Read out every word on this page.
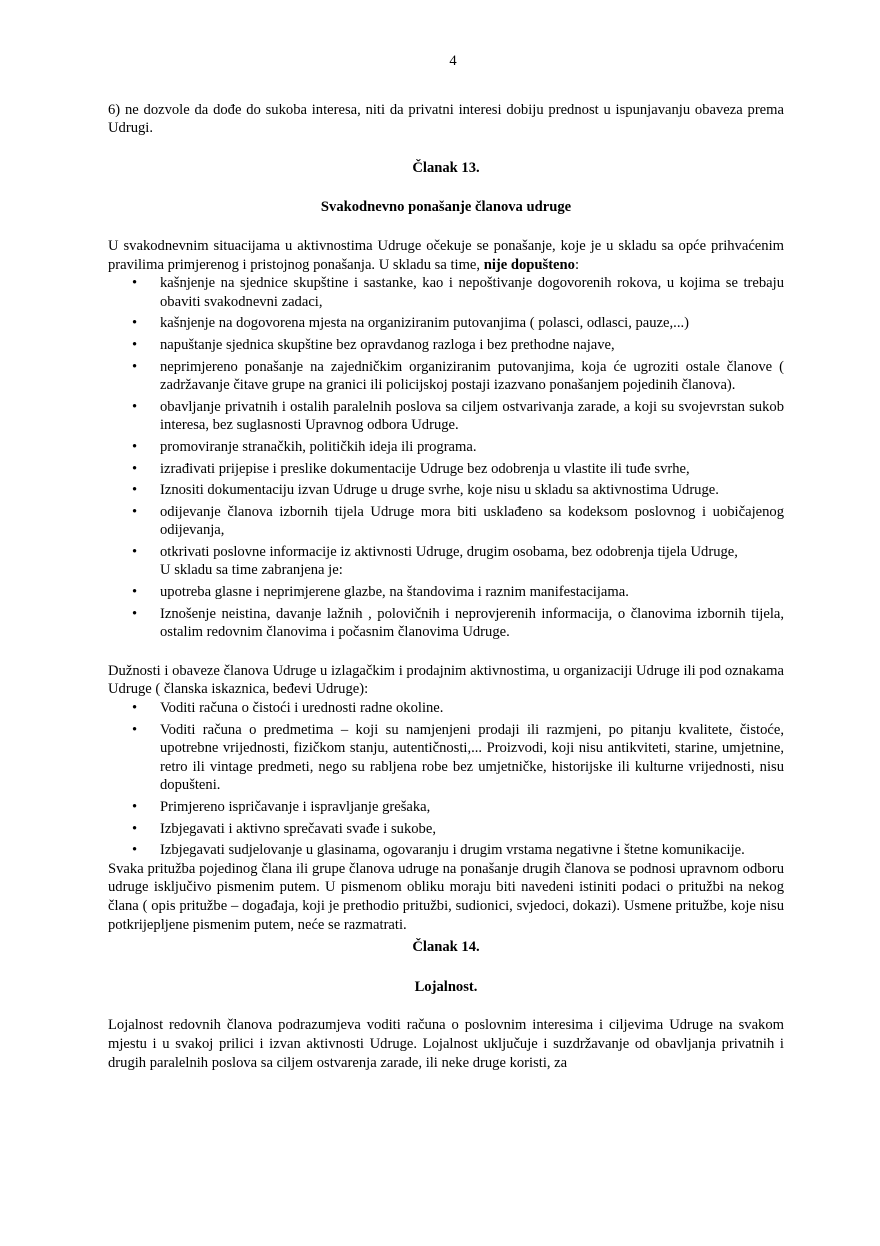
4

6) ne dozvole da dođe do sukoba interesa, niti da privatni interesi dobiju prednost u ispunjavanju obaveza prema Udrugi.

Članak 13.
Svakodnevno ponašanje članova udruge

U svakodnevnim situacijama u aktivnostima Udruge očekuje se ponašanje, koje je u skladu sa opće prihvaćenim pravilima primjerenog i pristojnog ponašanja. U skladu sa time, nije dopušteno:

• kašnjenje na sjednice skupštine i sastanke, kao i nepoštivanje dogovorenih rokova, u kojima se trebaju obaviti svakodnevni zadaci,
• kašnjenje na dogovorena mjesta na organiziranim putovanjima ( polasci, odlasci, pauze,...)
• napuštanje sjednica skupštine bez opravdanog razloga i bez prethodne najave,
• neprimjereno ponašanje na zajedničkim organiziranim putovanjima, koja će ugroziti ostale članove ( zadržavanje čitave grupe na granici ili policijskoj postaji izazvano ponašanjem pojedinih članova).
• obavljanje privatnih i ostalih paralelnih poslova sa ciljem ostvarivanja zarade, a koji su svojevrstan sukob interesa, bez suglasnosti Upravnog odbora Udruge.
• promoviranje stranačkih, političkih ideja ili programa.
• izrađivati prijepise i preslike dokumentacije Udruge bez odobrenja u vlastite ili tuđe svrhe,
• Iznositi dokumentaciju izvan Udruge u druge svrhe, koje nisu u skladu sa aktivnostima Udruge.
• odijevanje članova izbornih tijela Udruge mora biti usklađeno sa kodeksom poslovnog i uobičajenog odijevanja,
• otkrivati poslovne informacije iz aktivnosti Udruge, drugim osobama, bez odobrenja tijela Udruge,
U skladu sa time zabranjena je:
• upotreba glasne i neprimjerene glazbe, na štandovima i raznim manifestacijama.
• Iznošenje neistina, davanje lažnih , polovičnih i neprovjerenih informacija, o članovima izbornih tijela, ostalim redovnim članovima i počasnim članovima Udruge.

Dužnosti i obaveze članova Udruge u izlagačkim i prodajnim aktivnostima, u organizaciji Udruge ili pod oznakama Udruge ( članska iskaznica, beđevi Udruge):

• Voditi računa o čistoći i urednosti radne okoline.
• Voditi računa o predmetima – koji su namjenjeni prodaji ili razmjeni, po pitanju kvalitete, čistoće, upotrebne vrijednosti, fizičkom stanju, autentičnosti,... Proizvodi, koji nisu antikviteti, starine, umjetnine, retro ili vintage predmeti, nego su rabljena robe bez umjetničke, historijske ili kulturne vrijednosti, nisu dopušteni.
• Primjereno ispričavanje i ispravljanje grešaka,
• Izbjegavati i aktivno sprečavati svađe i sukobe,
• Izbjegavati sudjelovanje u glasinama, ogovaranju i drugim vrstama negativne i štetne komunikacije.

Svaka pritužba pojedinog člana ili grupe članova udruge na ponašanje drugih članova se podnosi upravnom odboru udruge isključivo pismenim putem. U pismenom obliku moraju biti navedeni istiniti podaci o pritužbi na nekog člana ( opis pritužbe – događaja, koji je prethodio pritužbi, sudionici, svjedoci, dokazi). Usmene pritužbe, koje nisu potkrijepljene pismenim putem, neće se razmatrati.

Članak 14.
Lojalnost.

Lojalnost redovnih članova podrazumjeva voditi računa o poslovnim interesima i ciljevima Udruge na svakom mjestu i u svakoj prilici i izvan aktivnosti Udruge. Lojalnost uključuje i suzdržavanje od obavljanja privatnih i drugih paralelnih poslova sa ciljem ostvarenja zarade, ili neke druge koristi, za
